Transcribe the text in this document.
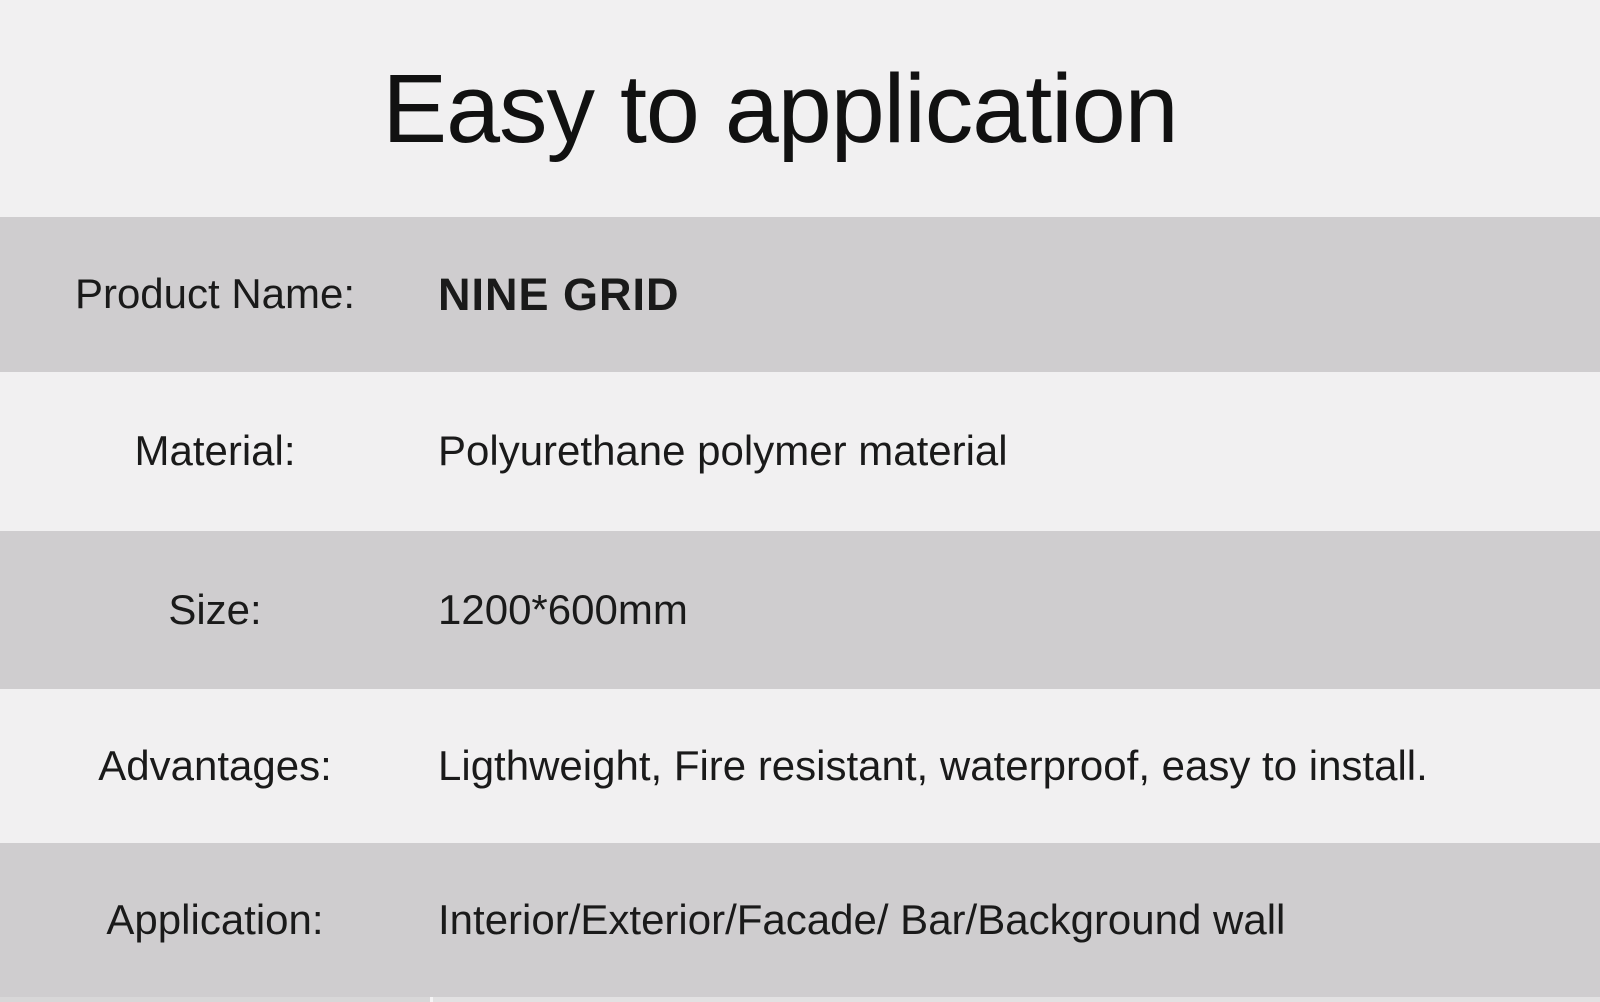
Easy to application
Product Name:	NINE GRID
Material:	Polyurethane polymer material
Size:	1200*600mm
Advantages:	Ligthweight, Fire resistant, waterproof, easy to install.
Application:	Interior/Exterior/Facade/ Bar/Background wall
